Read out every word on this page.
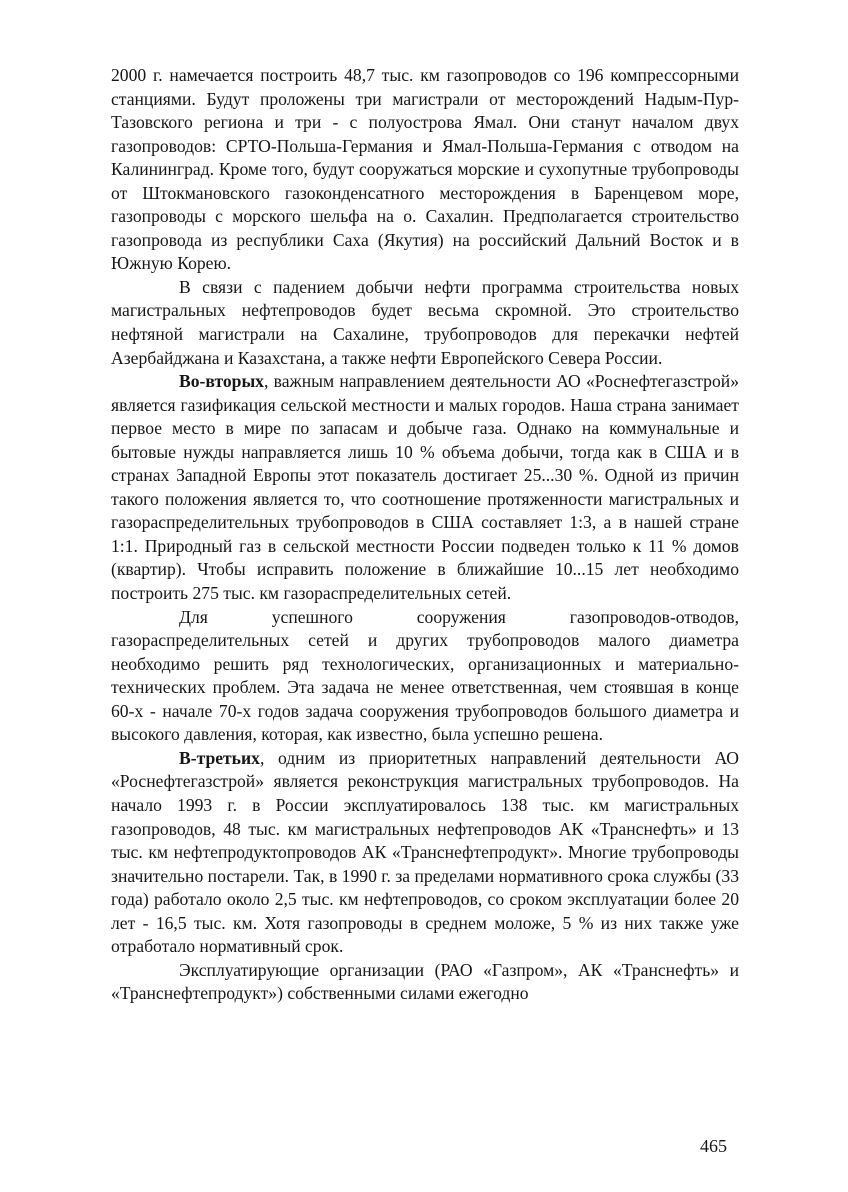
2000 г. намечается построить 48,7 тыс. км газопроводов со 196 компрессорными станциями. Будут проложены три магистрали от месторождений Надым-Пур-Тазовского региона и три - с полуострова Ямал. Они станут началом двух газопроводов: СРТО-Польша-Германия и Ямал-Польша-Германия с отводом на Калининград. Кроме того, будут сооружаться морские и сухопутные трубопроводы от Штокмановского газоконденсатного месторождения в Баренцевом море, газопроводы с морского шельфа на о. Сахалин. Предполагается строительство газопровода из республики Саха (Якутия) на российский Дальний Восток и в Южную Корею.

В связи с падением добычи нефти программа строительства новых магистральных нефтепроводов будет весьма скромной. Это строительство нефтяной магистрали на Сахалине, трубопроводов для перекачки нефтей Азербайджана и Казахстана, а также нефти Европейского Севера России.

Во-вторых, важным направлением деятельности АО «Роснефтегазстрой» является газификация сельской местности и малых городов. Наша страна занимает первое место в мире по запасам и добыче газа. Однако на коммунальные и бытовые нужды направляется лишь 10 % объема добычи, тогда как в США и в странах Западной Европы этот показатель достигает 25...30 %. Одной из причин такого положения является то, что соотношение протяженности магистральных и газораспределительных трубопроводов в США составляет 1:3, а в нашей стране 1:1. Природный газ в сельской местности России подведен только к 11 % домов (квартир). Чтобы исправить положение в ближайшие 10...15 лет необходимо построить 275 тыс. км газораспределительных сетей.

Для успешного сооружения газопроводов-отводов, газораспределительных сетей и других трубопроводов малого диаметра необходимо решить ряд технологических, организационных и материально-технических проблем. Эта задача не менее ответственная, чем стоявшая в конце 60-х - начале 70-х годов задача сооружения трубопроводов большого диаметра и высокого давления, которая, как известно, была успешно решена.

В-третьих, одним из приоритетных направлений деятельности АО «Роснефтегазстрой» является реконструкция магистральных трубопроводов. На начало 1993 г. в России эксплуатировалось 138 тыс. км магистральных газопроводов, 48 тыс. км магистральных нефтепроводов АК «Транснефть» и 13 тыс. км нефтепродуктопроводов АК «Транснефтепродукт». Многие трубопроводы значительно постарели. Так, в 1990 г. за пределами нормативного срока службы (33 года) работало около 2,5 тыс. км нефтепроводов, со сроком эксплуатации более 20 лет - 16,5 тыс. км. Хотя газопроводы в среднем моложе, 5 % из них также уже отработало нормативный срок.

Эксплуатирующие организации (РАО «Газпром», АК «Транснефть» и «Транснефтепродукт») собственными силами ежегодно

465
